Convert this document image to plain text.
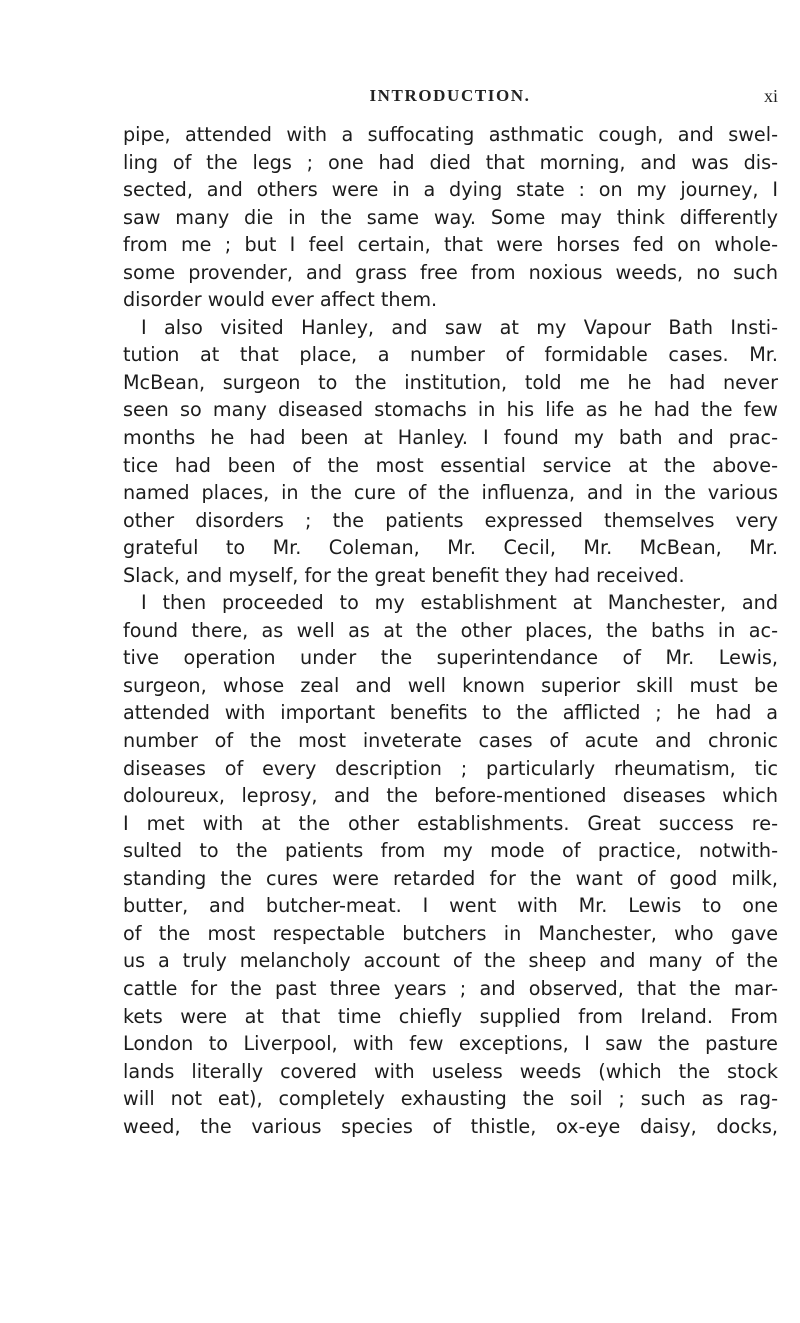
INTRODUCTION.	xi
pipe, attended with a suffocating asthmatic cough, and swel-
ling of the legs ; one had died that morning, and was dis-
sected, and others were in a dying state : on my journey, I
saw many die in the same way. Some may think differently
from me ; but I feel certain, that were horses fed on whole-
some provender, and grass free from noxious weeds, no such
disorder would ever affect them.
I also visited Hanley, and saw at my Vapour Bath Insti-
tution at that place, a number of formidable cases. Mr.
McBean, surgeon to the institution, told me he had never
seen so many diseased stomachs in his life as he had the few
months he had been at Hanley. I found my bath and prac-
tice had been of the most essential service at the above-
named places, in the cure of the influenza, and in the various
other disorders ; the patients expressed themselves very
grateful to Mr. Coleman, Mr. Cecil, Mr. McBean, Mr.
Slack, and myself, for the great benefit they had received.
I then proceeded to my establishment at Manchester, and
found there, as well as at the other places, the baths in ac-
tive operation under the superintendance of Mr. Lewis,
surgeon, whose zeal and well known superior skill must be
attended with important benefits to the afflicted ; he had a
number of the most inveterate cases of acute and chronic
diseases of every description ; particularly rheumatism, tic
doloureux, leprosy, and the before-mentioned diseases which
I met with at the other establishments. Great success re-
sulted to the patients from my mode of practice, notwith-
standing the cures were retarded for the want of good milk,
butter, and butcher-meat. I went with Mr. Lewis to one
of the most respectable butchers in Manchester, who gave
us a truly melancholy account of the sheep and many of the
cattle for the past three years ; and observed, that the mar-
kets were at that time chiefly supplied from Ireland. From
London to Liverpool, with few exceptions, I saw the pasture
lands literally covered with useless weeds (which the stock
will not eat), completely exhausting the soil ; such as rag-
weed, the various species of thistle, ox-eye daisy, docks,
